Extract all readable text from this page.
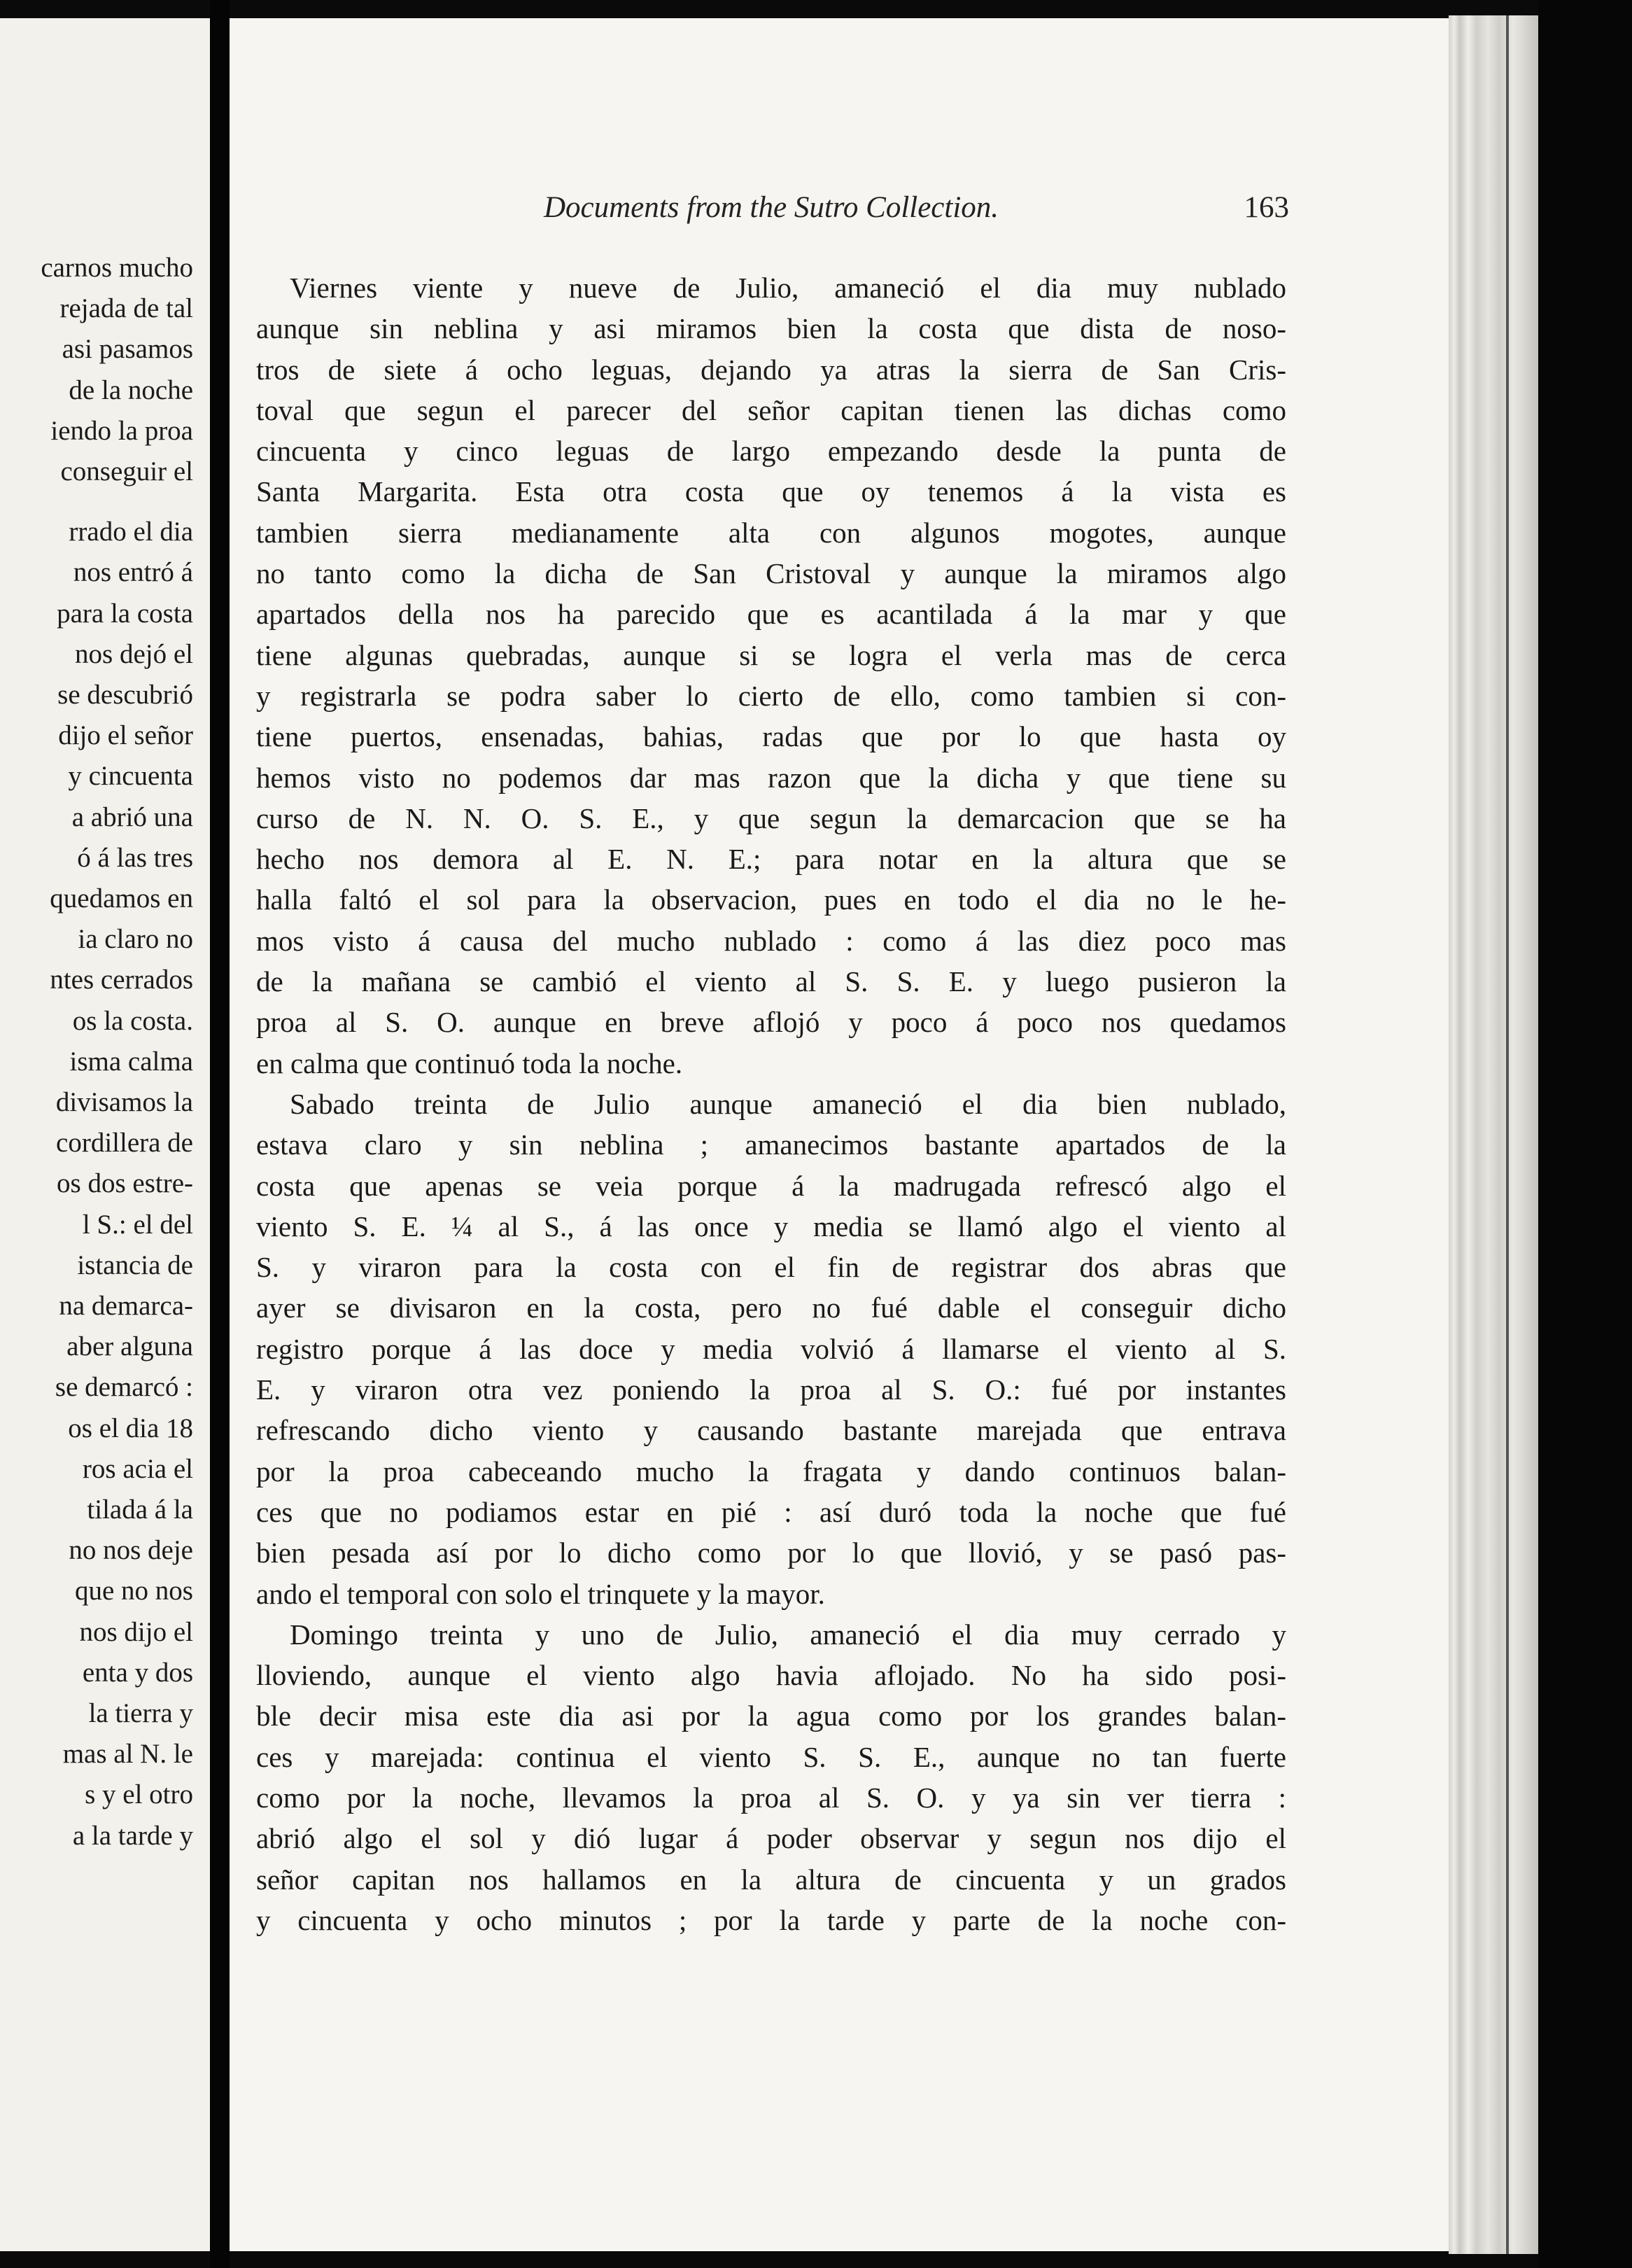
carnos mucho
rejada de tal
asi pasamos
de la noche
iendo la proa
conseguir el
rrado el dia
nos entró á
para la costa
nos dejó el
se descubrió
dijo el señor
y cincuenta
a abrió una
ó á las tres
quedamos en
ia claro no
ntes cerrados
os la costa.
isma calma
divisamos la
cordillera de
os dos estre-
l S.: el del
istancia de
na demarca-
aber alguna
se demarcó :
os el dia 18
ros acia el
tilada á la
no nos deje
que no nos
nos dijo el
enta y dos
la tierra y
mas al N. le
s y el otro
a la tarde y
Documents from the Sutro Collection.	163
Viernes viente y nueve de Julio, amaneció el dia muy nublado
aunque sin neblina y asi miramos bien la costa que dista de noso-
tros de siete á ocho leguas, dejando ya atras la sierra de San Cris-
toval que segun el parecer del señor capitan tienen las dichas como
cincuenta y cinco leguas de largo empezando desde la punta de
Santa Margarita. Esta otra costa que oy tenemos á la vista es
tambien sierra medianamente alta con algunos mogotes, aunque
no tanto como la dicha de San Cristoval y aunque la miramos algo
apartados della nos ha parecido que es acantilada á la mar y que
tiene algunas quebradas, aunque si se logra el verla mas de cerca
y registrarla se podra saber lo cierto de ello, como tambien si con-
tiene puertos, ensenadas, bahias, radas que por lo que hasta oy
hemos visto no podemos dar mas razon que la dicha y que tiene su
curso de N. N. O. S. E., y que segun la demarcacion que se ha
hecho nos demora al E. N. E.; para notar en la altura que se
halla faltó el sol para la observacion, pues en todo el dia no le he-
mos visto á causa del mucho nublado : como á las diez poco mas
de la mañana se cambió el viento al S. S. E. y luego pusieron la
proa al S. O. aunque en breve aflojó y poco á poco nos quedamos
en calma que continuó toda la noche.
Sabado treinta de Julio aunque amaneció el dia bien nublado,
estava claro y sin neblina ; amanecimos bastante apartados de la
costa que apenas se veia porque á la madrugada refrescó algo el
viento S. E. ¼ al S., á las once y media se llamó algo el viento al
S. y viraron para la costa con el fin de registrar dos abras que
ayer se divisaron en la costa, pero no fué dable el conseguir dicho
registro porque á las doce y media volvió á llamarse el viento al S.
E. y viraron otra vez poniendo la proa al S. O.: fué por instantes
refrescando dicho viento y causando bastante marejada que entrava
por la proa cabeceando mucho la fragata y dando continuos balan-
ces que no podiamos estar en pié : así duró toda la noche que fué
bien pesada así por lo dicho como por lo que llovió, y se pasó pas-
ando el temporal con solo el trinquete y la mayor.
Domingo treinta y uno de Julio, amaneció el dia muy cerrado y
lloviendo, aunque el viento algo havia aflojado. No ha sido posi-
ble decir misa este dia asi por la agua como por los grandes balan-
ces y marejada: continua el viento S. S. E., aunque no tan fuerte
como por la noche, llevamos la proa al S. O. y ya sin ver tierra :
abrió algo el sol y dió lugar á poder observar y segun nos dijo el
señor capitan nos hallamos en la altura de cincuenta y un grados
y cincuenta y ocho minutos ; por la tarde y parte de la noche con-
